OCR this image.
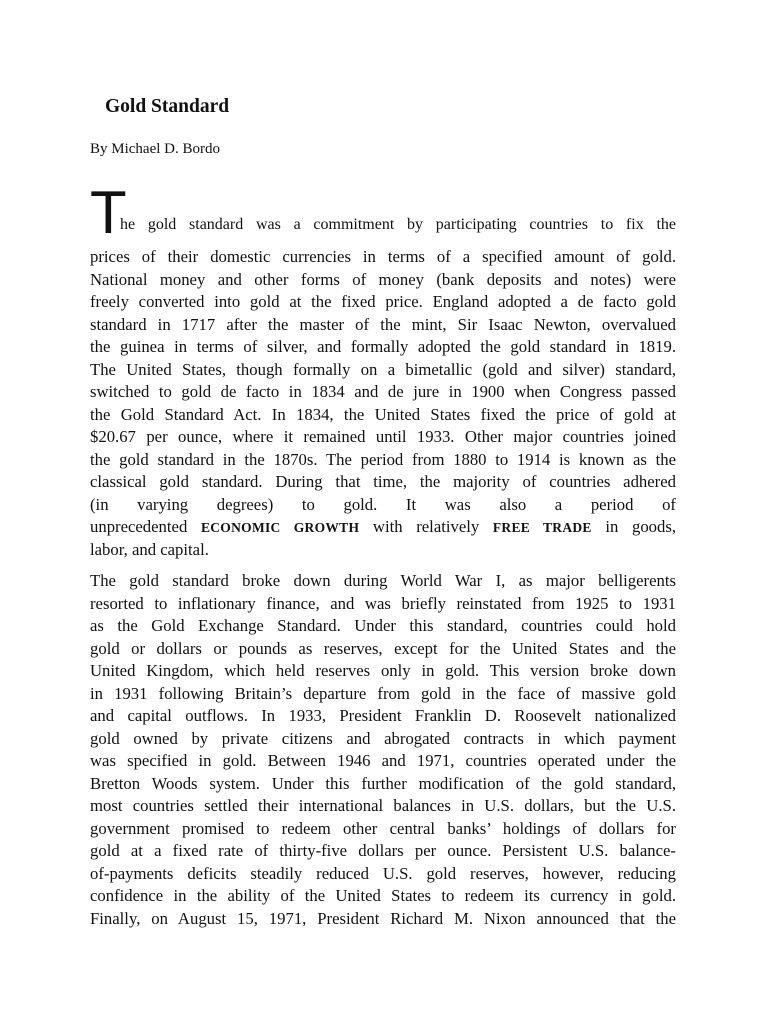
Gold Standard

By Michael D. Bordo

T
he gold standard was a commitment by participating countries to fix the
prices of their domestic currencies in terms of a specified amount of gold.
National money and other forms of money (bank deposits and notes) were
freely converted into gold at the fixed price. England adopted a de facto gold
standard in 1717 after the master of the mint, Sir Isaac Newton, overvalued
the guinea in terms of silver, and formally adopted the gold standard in 1819.
The United States, though formally on a bimetallic (gold and silver) standard,
switched to gold de facto in 1834 and de jure in 1900 when Congress passed
the Gold Standard Act. In 1834, the United States fixed the price of gold at
$20.67 per ounce, where it remained until 1933. Other major countries joined
the gold standard in the 1870s. The period from 1880 to 1914 is known as the
classical gold standard. During that time, the majority of countries adhered
(in varying degrees) to gold. It was also a period of
unprecedented ECONOMIC GROWTH with relatively FREE TRADE in goods,
labor, and capital.
The gold standard broke down during World War I, as major belligerents
resorted to inflationary finance, and was briefly reinstated from 1925 to 1931
as the Gold Exchange Standard. Under this standard, countries could hold
gold or dollars or pounds as reserves, except for the United States and the
United Kingdom, which held reserves only in gold. This version broke down
in 1931 following Britain’s departure from gold in the face of massive gold
and capital outflows. In 1933, President Franklin D. Roosevelt nationalized
gold owned by private citizens and abrogated contracts in which payment
was specified in gold. Between 1946 and 1971, countries operated under the
Bretton Woods system. Under this further modification of the gold standard,
most countries settled their international balances in U.S. dollars, but the U.S.
government promised to redeem other central banks’ holdings of dollars for
gold at a fixed rate of thirty-five dollars per ounce. Persistent U.S. balance-
of-payments deficits steadily reduced U.S. gold reserves, however, reducing
confidence in the ability of the United States to redeem its currency in gold.
Finally, on August 15, 1971, President Richard M. Nixon announced that the
